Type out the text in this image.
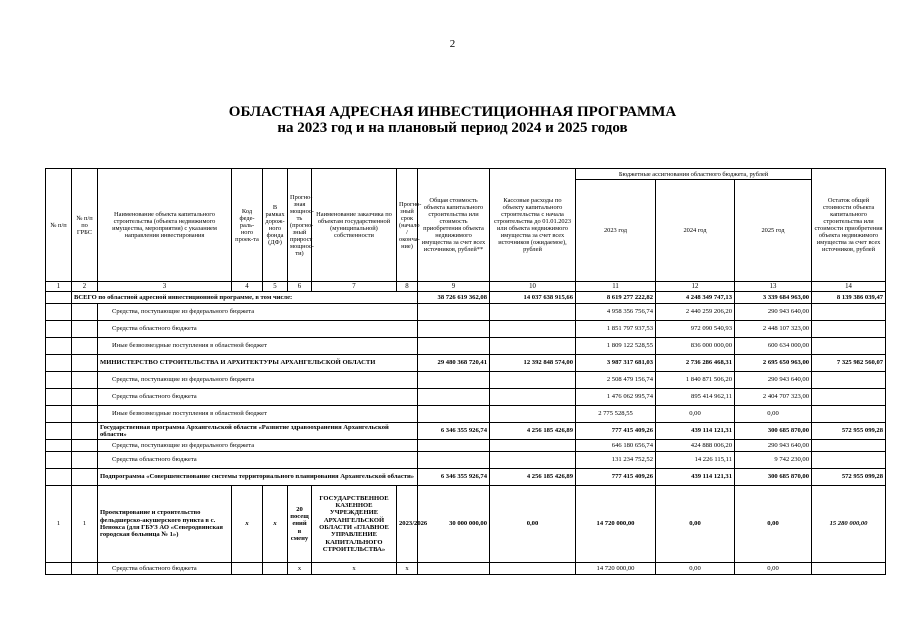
2
ОБЛАСТНАЯ АДРЕСНАЯ ИНВЕСТИЦИОННАЯ ПРОГРАММА
на 2023 год и на плановый период 2024 и 2025 годов
№ п/п	№ п/п по ГРБС	Наименование объекта капитального строительства (объекта недвижимого имущества, мероприятия) с указанием направления инвестирования	Код феде-раль-ного проек-та	В рамках дорож-ного фонда (ДФ)	Прогно-зная мощнос-ть (прогно-зный прирост мощнос-ти)	Наименование заказчика по объектам государственной (муниципальной) собственности	Прогно-зный срок (начало / оконча-ние)	Общая стоимость объекта капитального строительства или стоимость приобретения объекта недвижимого имущества за счет всех источников, рублей**	Кассовые расходы по объекту капитального строительства с начала строительства до 01.01.2023 или объекта недвижимого имущества за счет всех источников (ожидаемое), рублей	Бюджетные ассигнования областного бюджета, рублей			Остаток общей стоимости объекта капитального строительства или стоимости приобретения объекта недвижимого имущества за счет всех источников, рублей
										2023 год	2024 год	2025 год	
1	2	3	4	5	6	7	8	9	10	11	12	13	14
	ВСЕГО по областной адресной инвестиционной программе, в том числе:							38 726 619 362,08	14 037 638 915,66	8 619 277 222,82	4 248 349 747,13	3 339 684 963,00	8 139 386 039,47
		Средства, поступающие из федерального бюджета								4 958 356 756,74	2 440 259 206,20	290 943 640,00	
		Средства областного бюджета								1 851 797 937,53	972 090 540,93	2 448 107 323,00	
		Иные безвозмездные поступления в областной бюджет								1 809 122 528,55	836 000 000,00	600 634 000,00	
		МИНИСТЕРСТВО СТРОИТЕЛЬСТВА И АРХИТЕКТУРЫ АРХАНГЕЛЬСКОЙ ОБЛАСТИ						29 480 368 720,41	12 392 848 574,00	3 987 317 681,03	2 736 286 468,31	2 695 650 963,00	7 325 982 560,07
		Средства, поступающие из федерального бюджета								2 508 479 156,74	1 840 871 506,20	290 943 640,00	
		Средства областного бюджета								1 476 062 995,74	895 414 962,11	2 404 707 323,00	
		Иные безвозмездные поступления в областной бюджет								2 775 528,55	0,00	0,00	
		Государственная программа Архангельской области «Развитие здравоохранения Архангельской области»						6 346 355 926,74	4 256 185 426,89	777 415 409,26	439 114 121,31	300 685 870,00	572 955 099,28
		Средства, поступающие из федерального бюджета								646 180 656,74	424 888 006,20	290 943 640,00	
		Средства областного бюджета								131 234 752,52	14 226 115,11	9 742 230,00	
		Подпрограмма «Совершенствование системы территориального планирования Архангельской области»						6 346 355 926,74	4 256 185 426,89	777 415 409,26	439 114 121,31	300 685 870,00	572 955 099,28
1	1	Проектирование и строительство фельдшерско-акушерского пункта в с. Ненокса (для ГБУЗ АО «Северодвинская городская больница № 1»)	х	х	20 посещ ений в смену	ГОСУДАРСТВЕННОЕ КАЗЕННОЕ УЧРЕЖДЕНИЕ АРХАНГЕЛЬСКОЙ ОБЛАСТИ «ГЛАВНОЕ УПРАВЛЕНИЕ КАПИТАЛЬНОГО СТРОИТЕЛЬСТВА»	2023/2026	30 000 000,00	0,00	14 720 000,00	0,00	0,00	15 280 000,00
		Средства областного бюджета			х	х	х			14 720 000,00	0,00	0,00	
